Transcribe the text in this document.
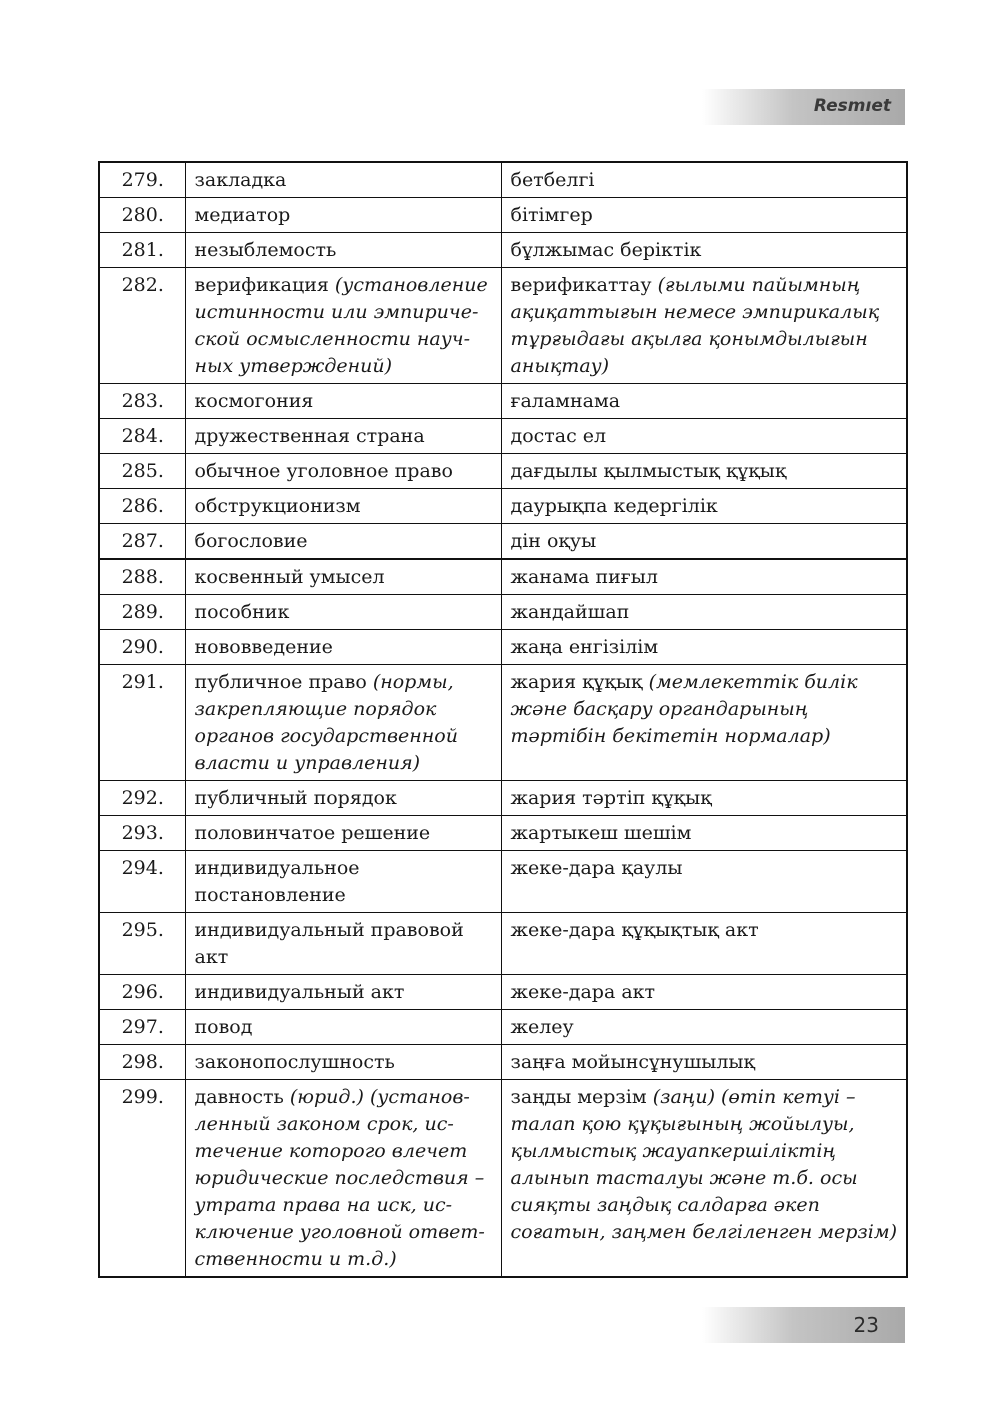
Resmıet
279.	закладка	бетбелгі
280.	медиатор	бітімгер
281.	незыблемость	бұлжымас беріктік
282.	верификация (установление истинности или эмпириче-ской осмысленности науч-ных утверждений)	верификаттау (ғылыми пайымның ақиқаттығын немесе эмпирикалық тұрғыдағы ақылға қонымдылығын анықтау)
283.	космогония	ғаламнама
284.	дружественная страна	достас ел
285.	обычное уголовное право	дағдылы қылмыстық құқық
286.	обструкционизм	даурықпа кедергілік
287.	богословие	дін оқуы
288.	косвенный умысел	жанама пиғыл
289.	пособник	жандайшап
290.	нововведение	жаңа енгізілім
291.	публичное право (нормы, закрепляющие порядок органов государственной власти и управления)	жария құқық (мемлекеттік билік және басқару органдарының тәртібін бекітетін нормалар)
292.	публичный порядок	жария тәртіп құқық
293.	половинчатое решение	жартыкеш шешім
294.	индивидуальное постановление	жеке-дара қаулы
295.	индивидуальный правовой акт	жеке-дара құқықтық акт
296.	индивидуальный акт	жеке-дара акт
297.	повод	желеу
298.	законопослушность	заңға мойынсұнушылық
299.	давность (юрид.) (установ-ленный законом срок, ис-течение которого влечет юридические последствия – утрата права на иск, ис-ключение уголовной ответ-ственности и т.д.)	заңды мерзім (заңи) (өтіп кетуі – талап қою құқығының жойылуы, қылмыстық жауапкершіліктің алынып тасталуы және т.б. осы сияқты заңдық салдарға әкеп соғатын, заңмен белгіленген мерзім)
23
